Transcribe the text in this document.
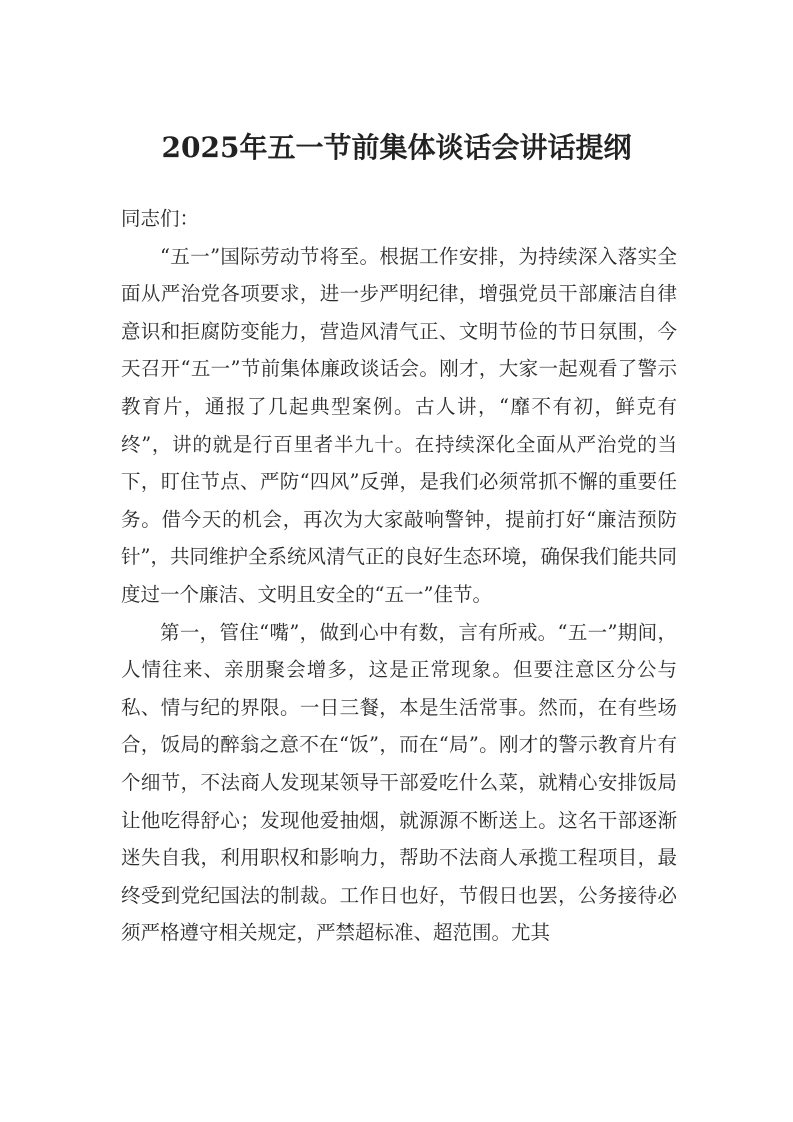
2025年五一节前集体谈话会讲话提纲

同志们：

“五一”国际劳动节将至。根据工作安排，为持续深入落实全面从严治党各项要求，进一步严明纪律，增强党员干部廉洁自律意识和拒腐防变能力，营造风清气正、文明节俭的节日氛围，今天召开“五一”节前集体廉政谈话会。刚才，大家一起观看了警示教育片，通报了几起典型案例。古人讲，“靡不有初，鲜克有终”，讲的就是行百里者半九十。在持续深化全面从严治党的当下，盯住节点、严防“四风”反弹，是我们必须常抓不懈的重要任务。借今天的机会，再次为大家敲响警钟，提前打好“廉洁预防针”，共同维护全系统风清气正的良好生态环境，确保我们能共同度过一个廉洁、文明且安全的“五一”佳节。

第一，管住“嘴”，做到心中有数，言有所戒。“五一”期间，人情往来、亲朋聚会增多，这是正常现象。但要注意区分公与私、情与纪的界限。一日三餐，本是生活常事。然而，在有些场合，饭局的醉翁之意不在“饭”，而在“局”。刚才的警示教育片有个细节，不法商人发现某领导干部爱吃什么菜，就精心安排饭局让他吃得舒心；发现他爱抽烟，就源源不断送上。这名干部逐渐迷失自我，利用职权和影响力，帮助不法商人承揽工程项目，最终受到党纪国法的制裁。工作日也好，节假日也罢，公务接待必须严格遵守相关规定，严禁超标准、超范围。尤其
